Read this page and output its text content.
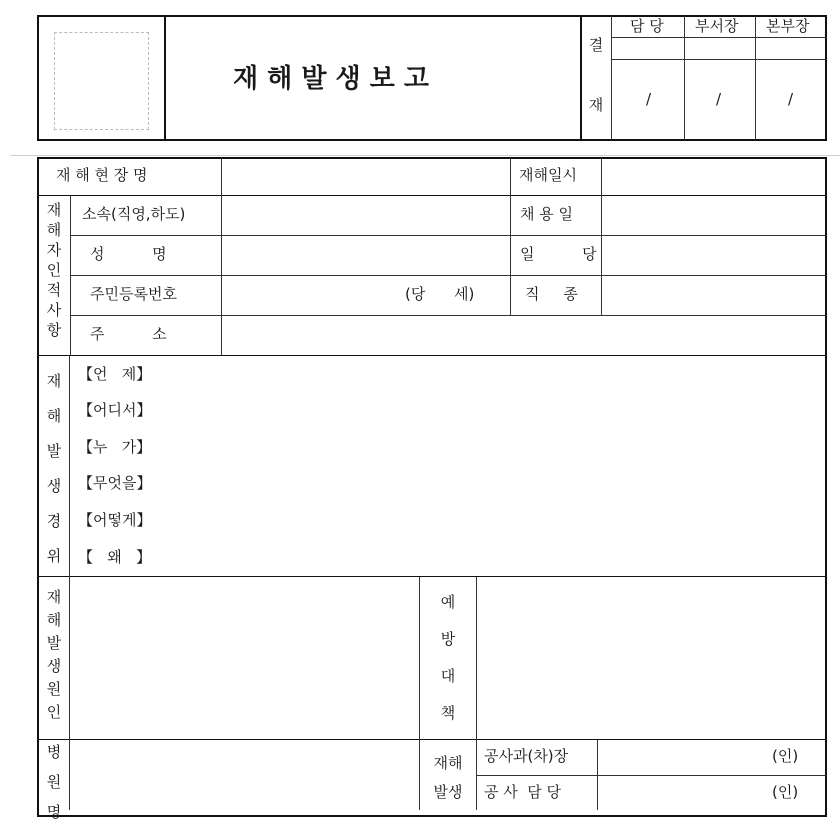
재 해 발 생 보 고
결
재
담 당 부서장 본부장
/	/	/
재 해 현 장 명	재해일시
재
해
자
인
적
사
항
소속(직영,하도)	채 용 일
성          명	일          당
주민등록번호	(당      세)	직     종
주          소
재
해
발
생
경
위
【언   제】
【어디서】
【누   가】
【무엇을】
【어떻게】
【   왜   】
재
해
발
생
원
인
예
방
대
책
병
원
명
재해
발생
공사과(차)장	(인)
공 사  담 당	(인)
